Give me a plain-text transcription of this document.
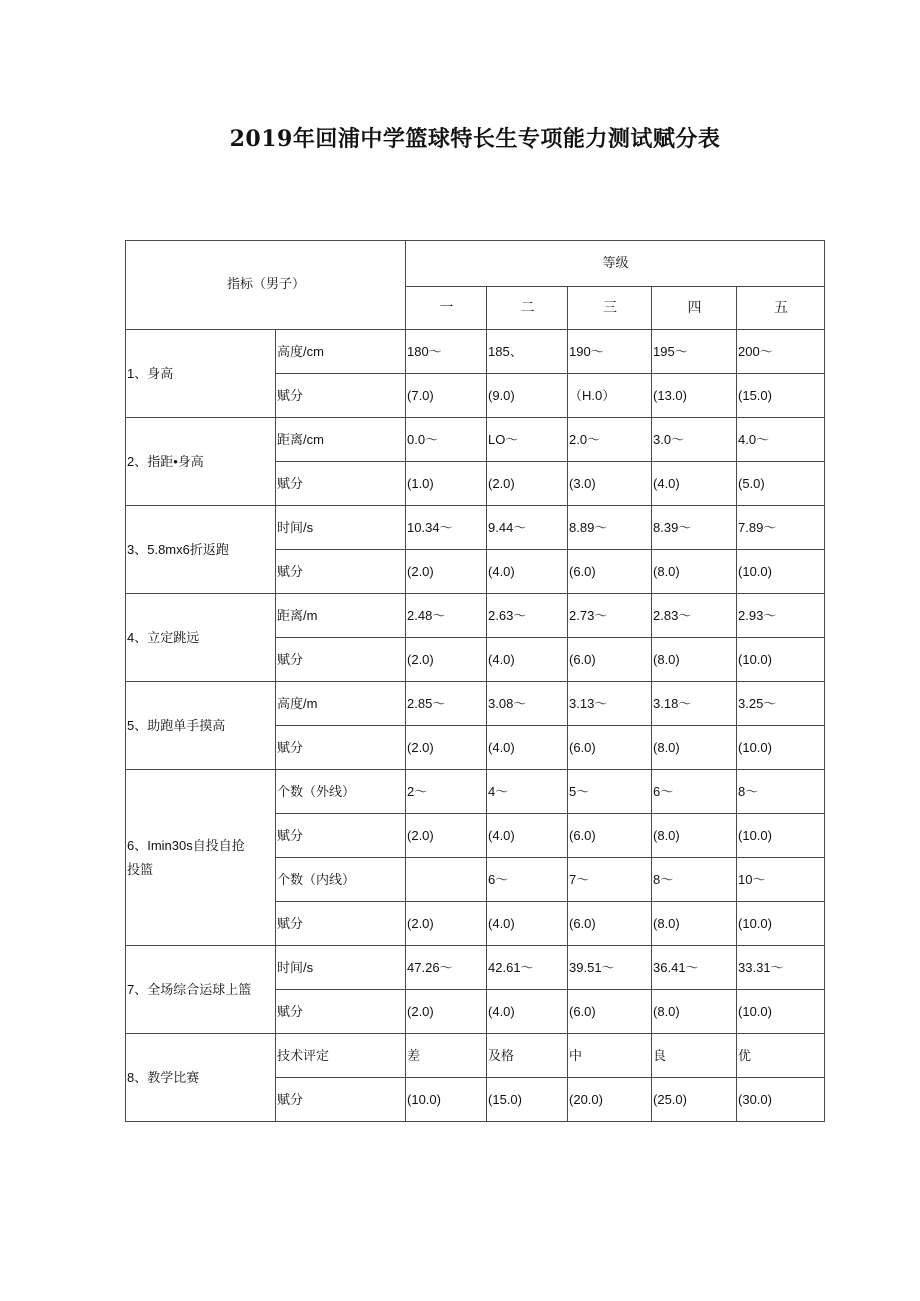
2019年回浦中学篮球特长生专项能力测试赋分表
指标（男子）		等级				
		一	二	三	四	五

1、身高	高度/cm	180～	185、	190～	195～	200～
	赋分	(7.0)	(9.0)	（H.0）	(13.0)	(15.0)

2、指距•身高	距离/cm	0.0～	LO～	2.0～	3.0～	4.0～
	赋分	(1.0)	(2.0)	(3.0)	(4.0)	(5.0)

3、5.8mx6折返跑	时间/s	10.34～	9.44～	8.89～	8.39～	7.89～
	赋分	(2.0)	(4.0)	(6.0)	(8.0)	(10.0)

4、立定跳远	距离/m	2.48～	2.63～	2.73～	2.83～	2.93～
	赋分	(2.0)	(4.0)	(6.0)	(8.0)	(10.0)

5、助跑单手摸高	高度/m	2.85～	3.08～	3.13～	3.18～	3.25～
	赋分	(2.0)	(4.0)	(6.0)	(8.0)	(10.0)

6、Imin30s自投自抢
投篮	个数（外线）	2～	4～	5～	6～	8～
	赋分	(2.0)	(4.0)	(6.0)	(8.0)	(10.0)
	个数（内线）		6～	7～	8～	10～
	赋分	(2.0)	(4.0)	(6.0)	(8.0)	(10.0)

7、全场综合运球上篮	时间/s	47.26～	42.61～	39.51～	36.41～	33.31～
	赋分	(2.0)	(4.0)	(6.0)	(8.0)	(10.0)

8、教学比赛	技术评定	差	及格	中	良	优
	赋分	(10.0)	(15.0)	(20.0)	(25.0)	(30.0)
